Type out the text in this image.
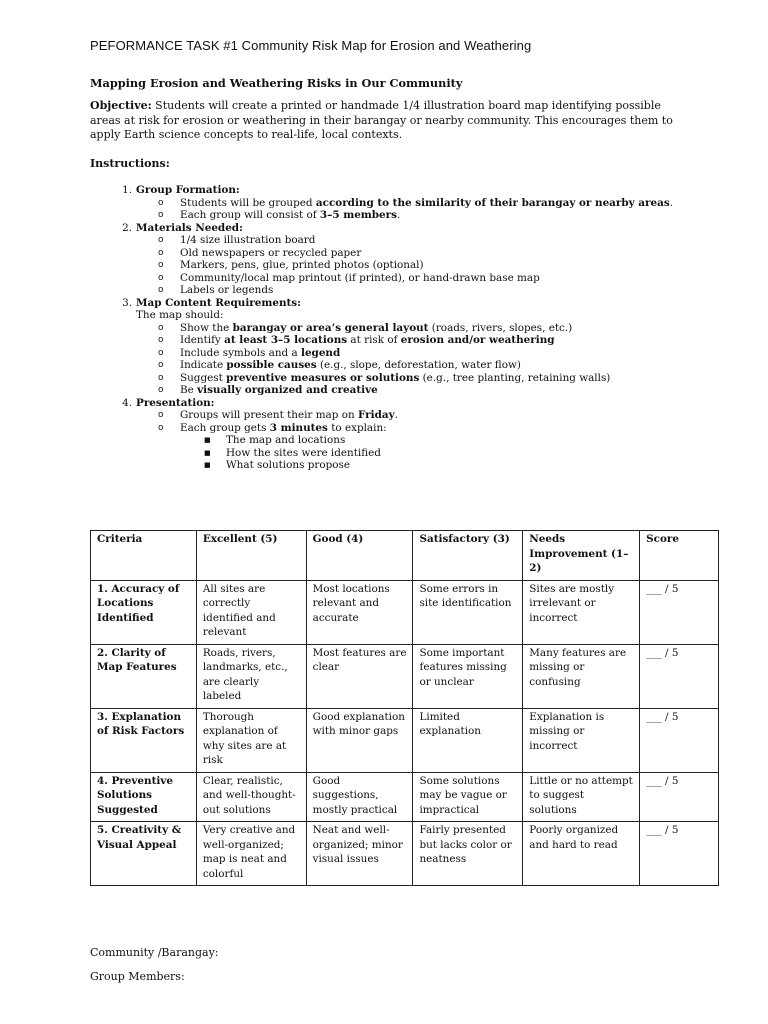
PEFORMANCE TASK #1 Community Risk Map for Erosion and Weathering
Mapping Erosion and Weathering Risks in Our Community
Objective: Students will create a printed or handmade 1/4 illustration board map identifying possible areas at risk for erosion or weathering in their barangay or nearby community. This encourages them to apply Earth science concepts to real-life, local contexts.
Instructions:
1. Group Formation:
o Students will be grouped according to the similarity of their barangay or nearby areas.
o Each group will consist of 3–5 members.
2. Materials Needed:
o 1/4 size illustration board
o Old newspapers or recycled paper
o Markers, pens, glue, printed photos (optional)
o Community/local map printout (if printed), or hand-drawn base map
o Labels or legends
3. Map Content Requirements:
The map should:
o Show the barangay or area’s general layout (roads, rivers, slopes, etc.)
o Identify at least 3–5 locations at risk of erosion and/or weathering
o Include symbols and a legend
o Indicate possible causes (e.g., slope, deforestation, water flow)
o Suggest preventive measures or solutions (e.g., tree planting, retaining walls)
o Be visually organized and creative
4. Presentation:
o Groups will present their map on Friday.
o Each group gets 3 minutes to explain:
■ The map and locations
■ How the sites were identified
■ What solutions propose
Criteria	Excellent (5)	Good (4)	Satisfactory (3)	Needs Improvement (1–2)	Score
1. Accuracy of Locations Identified	All sites are correctly identified and relevant	Most locations relevant and accurate	Some errors in site identification	Sites are mostly irrelevant or incorrect	___ / 5
2. Clarity of Map Features	Roads, rivers, landmarks, etc., are clearly labeled	Most features are clear	Some important features missing or unclear	Many features are missing or confusing	___ / 5
3. Explanation of Risk Factors	Thorough explanation of why sites are at risk	Good explanation with minor gaps	Limited explanation	Explanation is missing or incorrect	___ / 5
4. Preventive Solutions Suggested	Clear, realistic, and well-thought-out solutions	Good suggestions, mostly practical	Some solutions may be vague or impractical	Little or no attempt to suggest solutions	___ / 5
5. Creativity & Visual Appeal	Very creative and well-organized; map is neat and colorful	Neat and well-organized; minor visual issues	Fairly presented but lacks color or neatness	Poorly organized and hard to read	___ / 5
Community /Barangay:
Group Members:
